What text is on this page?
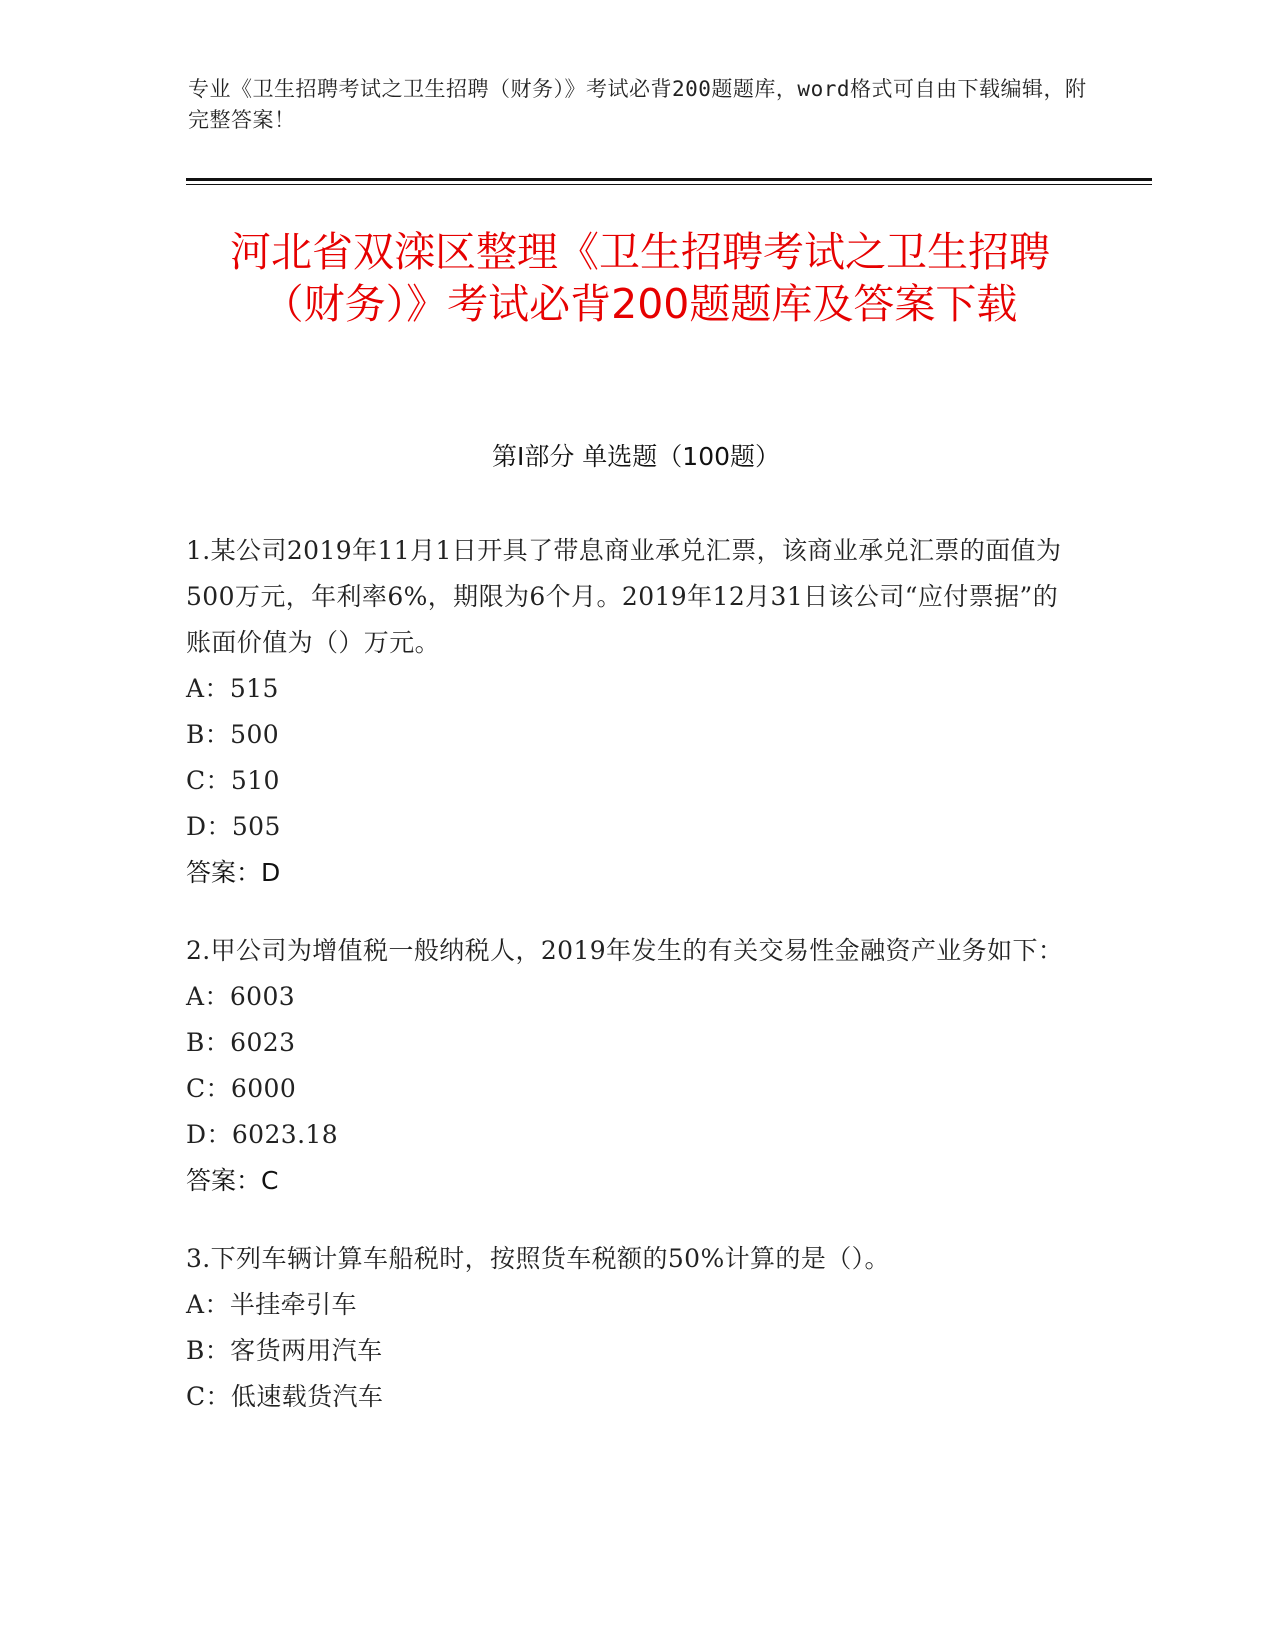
专业《卫生招聘考试之卫生招聘（财务）》考试必背200题题库，word格式可自由下载编辑，附完整答案！
河北省双滦区整理《卫生招聘考试之卫生招聘（财务）》考试必背200题题库及答案下载
第I部分 单选题（100题）
1.某公司2019年11月1日开具了带息商业承兑汇票，该商业承兑汇票的面值为500万元，年利率6%，期限为6个月。2019年12月31日该公司“应付票据”的账面价值为（）万元。
A：515
B：500
C：510
D：505
答案：D
2.甲公司为增值税一般纳税人，2019年发生的有关交易性金融资产业务如下：
A：6003
B：6023
C：6000
D：6023.18
答案：C
3.下列车辆计算车船税时，按照货车税额的50%计算的是（）。
A：半挂牵引车
B：客货两用汽车
C：低速载货汽车
